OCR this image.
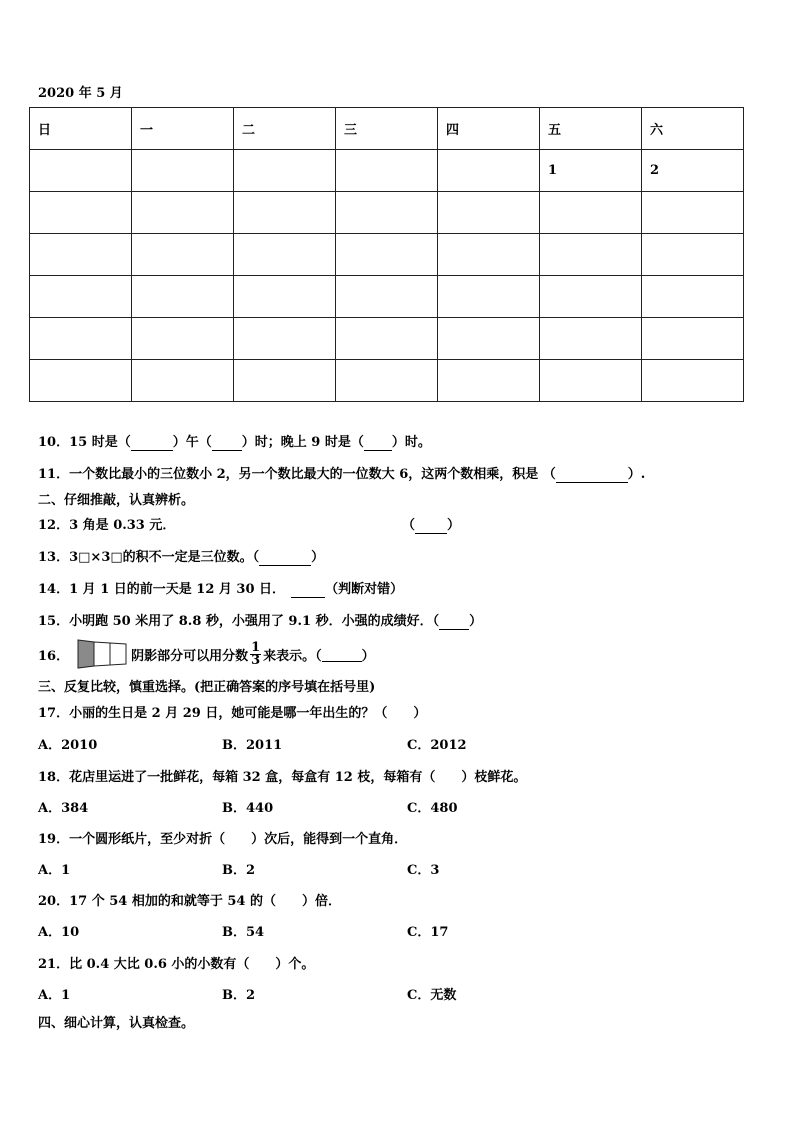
2020 年 5 月
日	一	二	三	四	五	六
					1	2

10．15 时是（	）午（ ）时；晚上 9 时是（ ）时。
11．一个数比最小的三位数小 2，另一个数比最大的一位数大 6，这两个数相乘，积是 （	）.
二、仔细推敲，认真辨析。
12．3 角是 0.33 元．	（ ）
13．3□×3□的积不一定是三位数。（	）
14．1 月 1 日的前一天是 12 月 30 日．	（判断对错）
15．小明跑 50 米用了 8.8 秒，小强用了 9.1 秒．小强的成绩好．（ ）
16．	阴影部分可以用分数 $\frac{1}{3}$ 来表示。（
	）
三、反复比较，慎重选择。(把正确答案的序号填在括号里)
17．小丽的生日是 2 月 29 日，她可能是哪一年出生的？（　　）
A．2010	B．2011	C．2012
18．花店里运进了一批鲜花，每箱 32 盒，每盒有 12 枝，每箱有（　　）枝鲜花。
A．384	B．440	C．480
19．一个圆形纸片，至少对折（　　）次后，能得到一个直角．
A．1	B．2	C．3
20．17 个 54 相加的和就等于 54 的（　　）倍．
A．10	B．54	C．17
21．比 0.4 大比 0.6 小的小数有（　　）个。
A．1	B．2	C．无数
四、细心计算，认真检查。
